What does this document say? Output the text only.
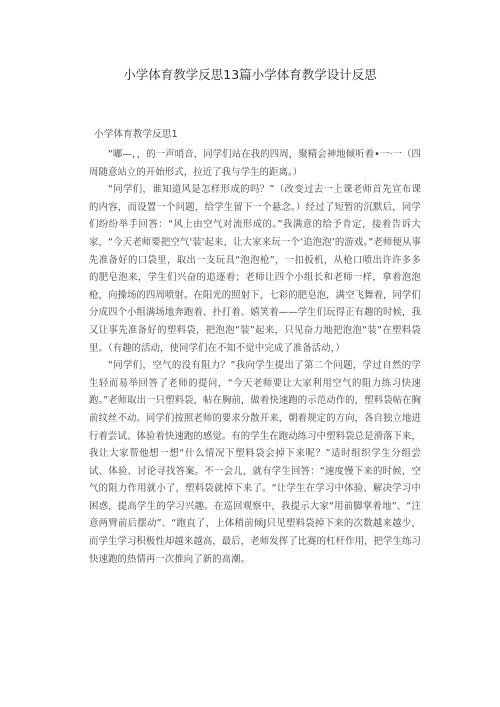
小学体育教学反思13篇小学体育教学设计反思
小学体育教学反思1

“嘟—，，的一声哨音，同学们站在我的四周，聚精会神地倾听着•一·一（四周随意站立的开始形式，拉近了我与学生的距离。）

“同学们，谁知道风是怎样形成的吗？”（改变过去一上课老师首先宣布课的内容，而设置一个问题，给学生留下一个悬念。）经过了短暂的沉默后，同学们纷纷举手回答：“风上由空气对流形成的。”我满意的给予肯定，接着告诉大家，“今天老师要把空气'装'起来，让大家来玩一个‘追泡泡’的游戏。”老师便从事先准备好的口袋里，取出一支玩具“泡泡枪”，一扣扳机，从枪口喷出许许多多的肥皂泡来，学生们兴奋的追逐着；老师让四个小组长和老师一样，拿着泡泡枪，向操场的四周喷射。在阳光的照射下，七彩的肥皂泡，满空飞舞着，同学们分成四个小组满场地奔跑着、扑打着、嬉笑着——学生们玩得正有趣的时候，我又让事先准备好的塑料袋，把泡泡“装”起来，只见奋力地把泡泡“装”在塑料袋里。（有趣的活动，使同学们在不知不觉中完成了准备活动，）

“同学们，空气的没有阻力？”我向学生提出了第二个问题，学过自然的学生轻而易举回答了老师的提问，“今天老师要让大家利用空气的阻力练习快速跑。”老师取出一只塑料袋，帖在胸前，做着快速跑的示范动作的，塑料袋帖在胸前纹丝不动。同学们按照老师的要求分散开来，朝着规定的方向，各自独立地进行着尝试、体验着快速跑的感觉。有的学生在跑动练习中塑料袋总是滑落下来，我让大家帮他想一想“什么情况下塑料袋会掉下来呢？”适时组织学生分组尝试、体验、讨论寻找答案。不一会儿，就有学生回答：“速度慢下来的时候，空气的阻力作用就小了，塑料袋就掉下来了。“让学生在学习中体验、解决学习中困惑，提高学生的学习兴趣。在巡回观察中，我提示大家“用前脚掌着地”、“注意两臂前后摆动”、“跑直了，上体稍前倾J只见塑料袋掉下来的次数越来越少，而学生学习积极性却越来越高，最后，老师发挥了比赛的杠杆作用，把学生练习快速跑的热情再一次推向了新的高潮。
